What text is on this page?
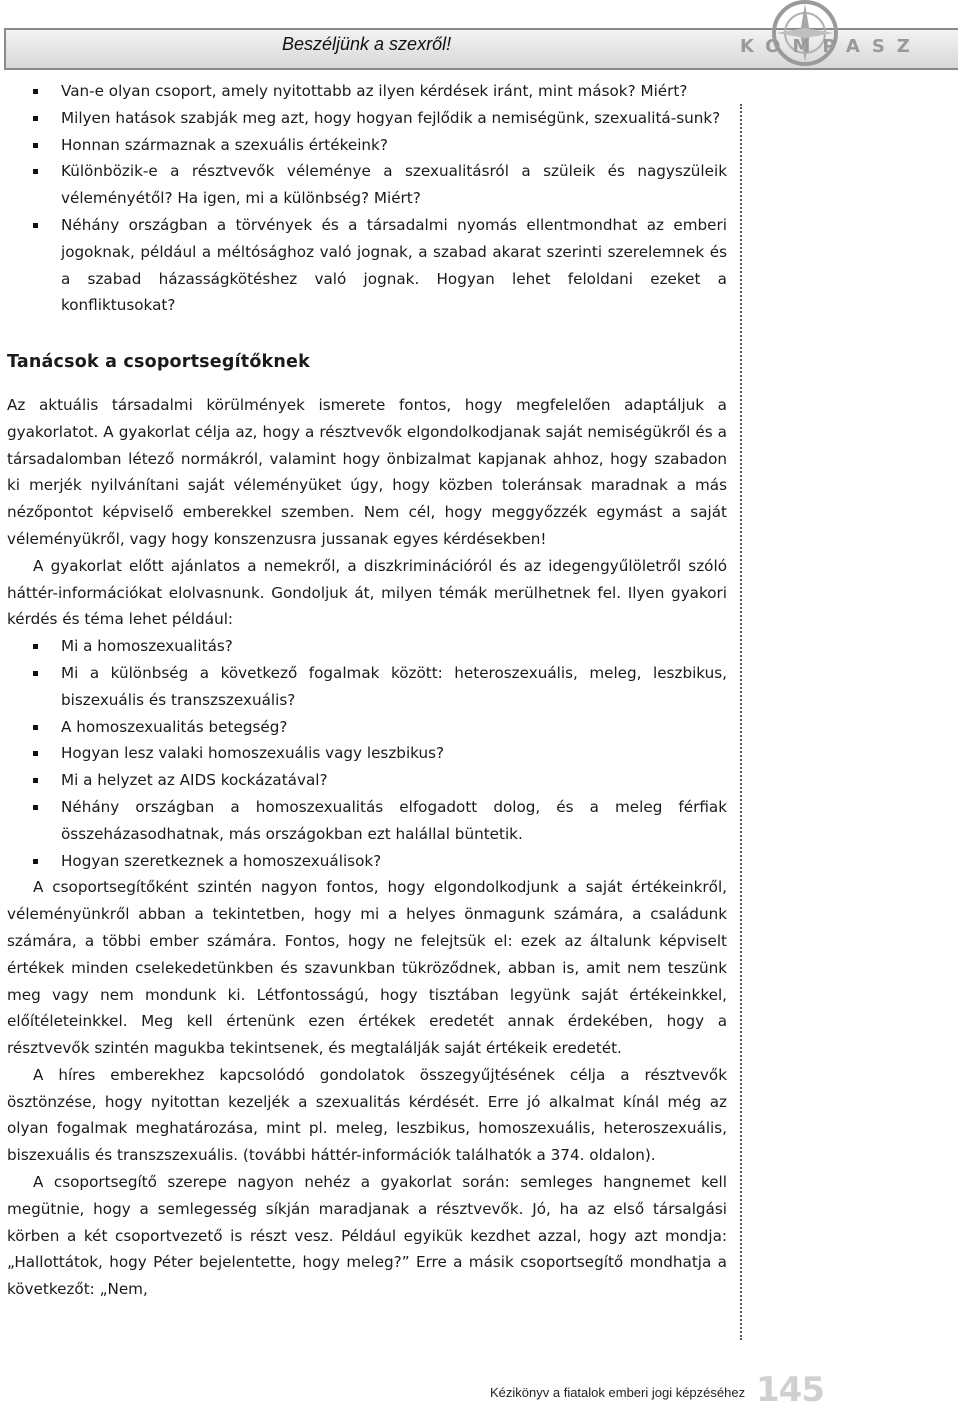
Beszéljünk a szexről!	KOMPASZ
Van-e olyan csoport, amely nyitottabb az ilyen kérdések iránt, mint mások? Miért?
Milyen hatások szabják meg azt, hogy hogyan fejlődik a nemiségünk, szexualitá-sunk?
Honnan származnak a szexuális értékeink?
Különbözik-e a résztvevők véleménye a szexualitásról a szüleik és nagyszüleik véleményétől? Ha igen, mi a különbség? Miért?
Néhány országban a törvények és a társadalmi nyomás ellentmondhat az emberi jogoknak, például a méltósághoz való jognak, a szabad akarat szerinti szerelemnek és a szabad házasságkötéshez való jognak. Hogyan lehet feloldani ezeket a konfliktusokat?
Tanácsok a csoportsegítőknek

Az aktuális társadalmi körülmények ismerete fontos, hogy megfelelően adaptáljuk a gyakorlatot. A gyakorlat célja az, hogy a résztvevők elgondolkodjanak saját nemiségükről és a társadalomban létező normákról, valamint hogy önbizalmat kapjanak ahhoz, hogy szabadon ki merjék nyilvánítani saját véleményüket úgy, hogy közben toleránsak maradnak a más nézőpontot képviselő emberekkel szemben. Nem cél, hogy meggyőzzék egymást a saját véleményükről, vagy hogy konszenzusra jussanak egyes kérdésekben!

A gyakorlat előtt ajánlatos a nemekről, a diszkriminációról és az idegengyűlöletről szóló háttér-információkat elolvasnunk. Gondoljuk át, milyen témák merülhetnek fel. Ilyen gyakori kérdés és téma lehet például:

Mi a homoszexualitás?
Mi a különbség a következő fogalmak között: heteroszexuális, meleg, leszbikus, biszexuális és transzszexuális?
A homoszexualitás betegség?
Hogyan lesz valaki homoszexuális vagy leszbikus?
Mi a helyzet az AIDS kockázatával?
Néhány országban a homoszexualitás elfogadott dolog, és a meleg férfiak összeházasodhatnak, más országokban ezt halállal büntetik.
Hogyan szeretkeznek a homoszexuálisok?

A csoportsegítőként szintén nagyon fontos, hogy elgondolkodjunk a saját értékeinkről, véleményünkről abban a tekintetben, hogy mi a helyes önmagunk számára, a családunk számára, a többi ember számára. Fontos, hogy ne felejtsük el: ezek az általunk képviselt értékek minden cselekedetünkben és szavunkban tükröződnek, abban is, amit nem teszünk meg vagy nem mondunk ki. Létfontosságú, hogy tisztában legyünk saját értékeinkkel, előítéleteinkkel. Meg kell értenünk ezen értékek eredetét annak érdekében, hogy a résztvevők szintén magukba tekintsenek, és megtalálják saját értékeik eredetét.

A híres emberekhez kapcsolódó gondolatok összegyűjtésének célja a résztvevők ösztönzése, hogy nyitottan kezeljék a szexualitás kérdését. Erre jó alkalmat kínál még az olyan fogalmak meghatározása, mint pl. meleg, leszbikus, homoszexuális, heteroszexuális, biszexuális és transzszexuális. (további háttér-információk találhatók a 374. oldalon).

A csoportsegítő szerepe nagyon nehéz a gyakorlat során: semleges hangnemet kell megütnie, hogy a semlegesség síkján maradjanak a résztvevők. Jó, ha az első társalgási körben a két csoportvezető is részt vesz. Például egyikük kezdhet azzal, hogy azt mondja: „Hallottátok, hogy Péter bejelentette, hogy meleg?” Erre a másik csoportsegítő mondhatja a következőt: „Nem,

Kézikönyv a fiatalok emberi jogi képzéséhez 145
